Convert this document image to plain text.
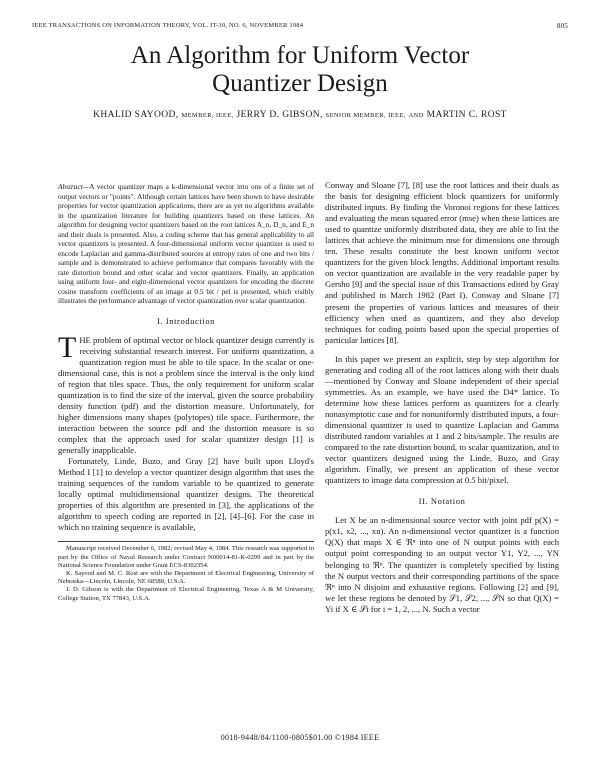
IEEE TRANSACTIONS ON INFORMATION THEORY, VOL. IT-30, NO. 6, NOVEMBER 1984	805
An Algorithm for Uniform Vector
Quantizer Design
KHALID SAYOOD, MEMBER, IEEE, JERRY D. GIBSON, SENIOR MEMBER, IEEE, AND MARTIN C. ROST

Abstract—A vector quantizer maps a k-dimensional vector into one of a finite set of output vectors or "points". Although certain lattices have been shown to have desirable properties for vector quantization applications, there are as yet no algorithms available in the quantization literature for building quantizers based on these lattices. An algorithm for designing vector quantizers based on the root lattices A_n, D_n, and E_n and their duals is presented. Also, a coding scheme that has general applicability to all vector quantizers is presented. A four-dimensional uniform vector quantizer is used to encode Laplacian and gamma-distributed sources at entropy rates of one and two bits / sample and is demonstrated to achieve performance that compares favorably with the rate distortion bound and other scalar and vector quantizers. Finally, an application using uniform four- and eight-dimensional vector quantizers for encoding the discrete cosine transform coefficients of an image at 0.5 bit / pel is presented, which visibly illustrates the performance advantage of vector quantization over scalar quantization.

I. Introduction

THE problem of optimal vector or block quantizer design currently is receiving substantial research interest. For uniform quantization, a quantization region must be able to tile space. In the scalar or one-dimensional case, this is not a problem since the interval is the only kind of region that tiles space. Thus, the only requirement for uniform scalar quantization is to find the size of the interval, given the source probability density function (pdf) and the distortion measure. Unfortunately, for higher dimensions many shapes (polytopes) tile space. Furthermore, the interaction between the source pdf and the distortion measure is so complex that the approach used for scalar quantizer design [1] is generally inapplicable.

Fortunately, Linde, Buzo, and Gray [2] have built upon Lloyd's Method I [1] to develop a vector quantizer design algorithm that uses the training sequences of the random variable to be quantized to generate locally optimal multidimensional quantizer designs. The theoretical properties of this algorithm are presented in [3], the applications of the algorithm to speech coding are reported in [2], [4]–[6]. For the case in which no training sequence is available,

Manuscript received December 6, 1982; revised May 4, 1984. This research was supported in part by the Office of Naval Research under Contract N00014-81-K-0299 and in part by the National Science Foundation under Grant ECS-8302354.

K. Sayood and M. C. Rost are with the Department of Electrical Engineering, University of Nebraska—Lincoln, Lincoln, NE 68588, U.S.A.

J. D. Gibson is with the Department of Electrical Engineering, Texas A & M University, College Station, TX 77843, U.S.A.

Conway and Sloane [7], [8] use the root lattices and their duals as the basis for designing efficient block quantizers for uniformly distributed inputs. By finding the Voronoi regions for these lattices and evaluating the mean squared error (mse) when these lattices are used to quantize uniformly distributed data, they are able to list the lattices that achieve the minimum mse for dimensions one through ten. These results constitute the best known uniform vector quantizers for the given block lengths. Additional important results on vector quantization are available in the very readable paper by Gersho [9] and the special issue of this Transactions edited by Gray and published in March 1982 (Part I). Conway and Sloane [7] present the properties of various lattices and measures of their efficiency when used as quantizers, and they also develop techniques for coding points based upon the special properties of particular lattices [8].

In this paper we present an explicit, step by step algorithm for generating and coding all of the root lattices along with their duals—mentioned by Conway and Sloane independent of their special symmetries. As an example, we have used the D4* lattice. To determine how these lattices perform as quantizers for a clearly nonasymptotic case and for nonuniformly distributed inputs, a four-dimensional quantizer is used to quantize Laplacian and Gamma distributed random variables at 1 and 2 bits/sample. The results are compared to the rate distortion bound, to scalar quantization, and to vector quantizers designed using the Linde, Buzo, and Gray algorithm. Finally, we present an application of these vector quantizers to image data compression at 0.5 bit/pixel.

II. Notation

Let X be an n-dimensional source vector with joint pdf p(X) = p(x1, x2, ..., xn). An n-dimensional vector quantizer is a function Q(X) that maps X ∈ ℜⁿ into one of N output points with each output point corresponding to an output vector Y1, Y2, ..., YN belonging to ℜⁿ. The quantizer is completely specified by listing the N output vectors and their corresponding partitions of the space ℜⁿ into N disjoint and exhaustive regions. Following [2] and [9], we let these regions be denoted by 𝒮1, 𝒮2, ..., 𝒮N so that Q(X) = Yi if X ∈ 𝒮i for i = 1, 2, ..., N. Such a vector

0018-9448/84/1100-0805$01.00 ©1984 IEEE
